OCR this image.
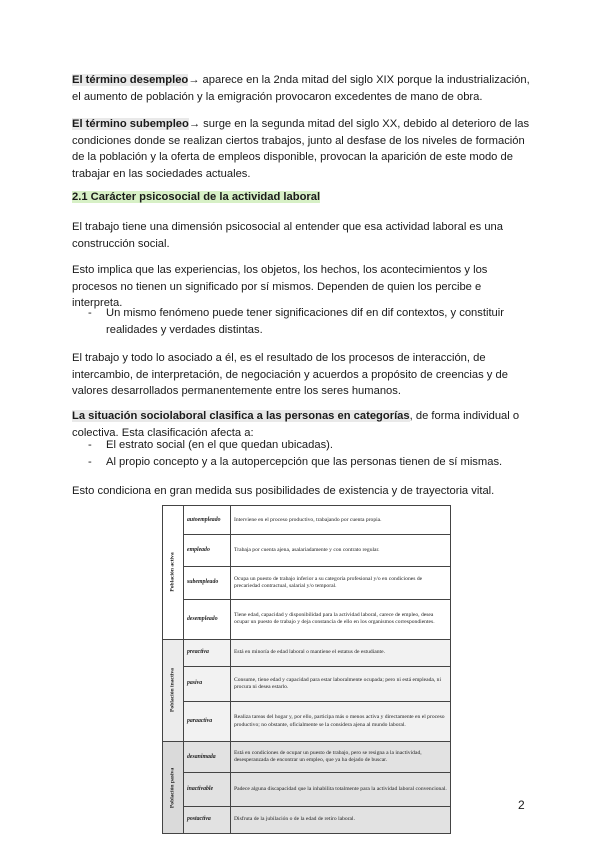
El término desempleo→ aparece en la 2nda mitad del siglo XIX porque la industrialización, el aumento de población y la emigración provocaron excedentes de mano de obra.

El término subempleo→ surge en la segunda mitad del siglo XX, debido al deterioro de las condiciones donde se realizan ciertos trabajos, junto al desfase de los niveles de formación de la población y la oferta de empleos disponible, provocan la aparición de este modo de trabajar en las sociedades actuales.

2.1 Carácter psicosocial de la actividad laboral

El trabajo tiene una dimensión psicosocial al entender que esa actividad laboral es una construcción social.

Esto implica que las experiencias, los objetos, los hechos, los acontecimientos y los procesos no tienen un significado por sí mismos. Dependen de quien los percibe e interpreta.

- Un mismo fenómeno puede tener significaciones dif en dif contextos, y constituir realidades y verdades distintas.

El trabajo y todo lo asociado a él, es el resultado de los procesos de interacción, de intercambio, de interpretación, de negociación y acuerdos a propósito de creencias y de valores desarrollados permanentemente entre los seres humanos.

La situación sociolaboral clasifica a las personas en categorías, de forma individual o colectiva. Esta clasificación afecta a:

- El estrato social (en el que quedan ubicadas).
- Al propio concepto y a la autopercepción que las personas tienen de sí mismas.

Esto condiciona en gran medida sus posibilidades de existencia y de trayectoria vital.

Población activa	autoempleado	Interviene en el proceso productivo, trabajando por cuenta propia.
	empleado	Trabaja por cuenta ajena, asalariadamente y con contrato regular.
	subempleado	Ocupa un puesto de trabajo inferior a su categoría profesional y/o en condiciones de precariedad contractual, salarial y/o temporal.
	desempleado	Tiene edad, capacidad y disponibilidad para la actividad laboral, carece de empleo, desea ocupar un puesto de trabajo y deja constancia de ello en los organismos correspondientes.

Población inactiva	preactiva	Está en minoría de edad laboral o mantiene el estatus de estudiante.
	pasiva	Consume, tiene edad y capacidad para estar laboralmente ocupada; pero ni está empleada, ni procura ni desea estarlo.
	paraactiva	Realiza tareas del hogar y, por ello, participa más o menos activa y directamente en el proceso productivo; no obstante, oficialmente se la considera ajena al mundo laboral.

Población pasiva	desanimada	Está en condiciones de ocupar un puesto de trabajo, pero se resigna a la inactividad, desesperanzada de encontrar un empleo, que ya ha dejado de buscar.
	inactivable	Padece alguna discapacidad que la inhabilita totalmente para la actividad laboral convencional.
	postactiva	Disfruta de la jubilación o de la edad de retiro laboral.
2
